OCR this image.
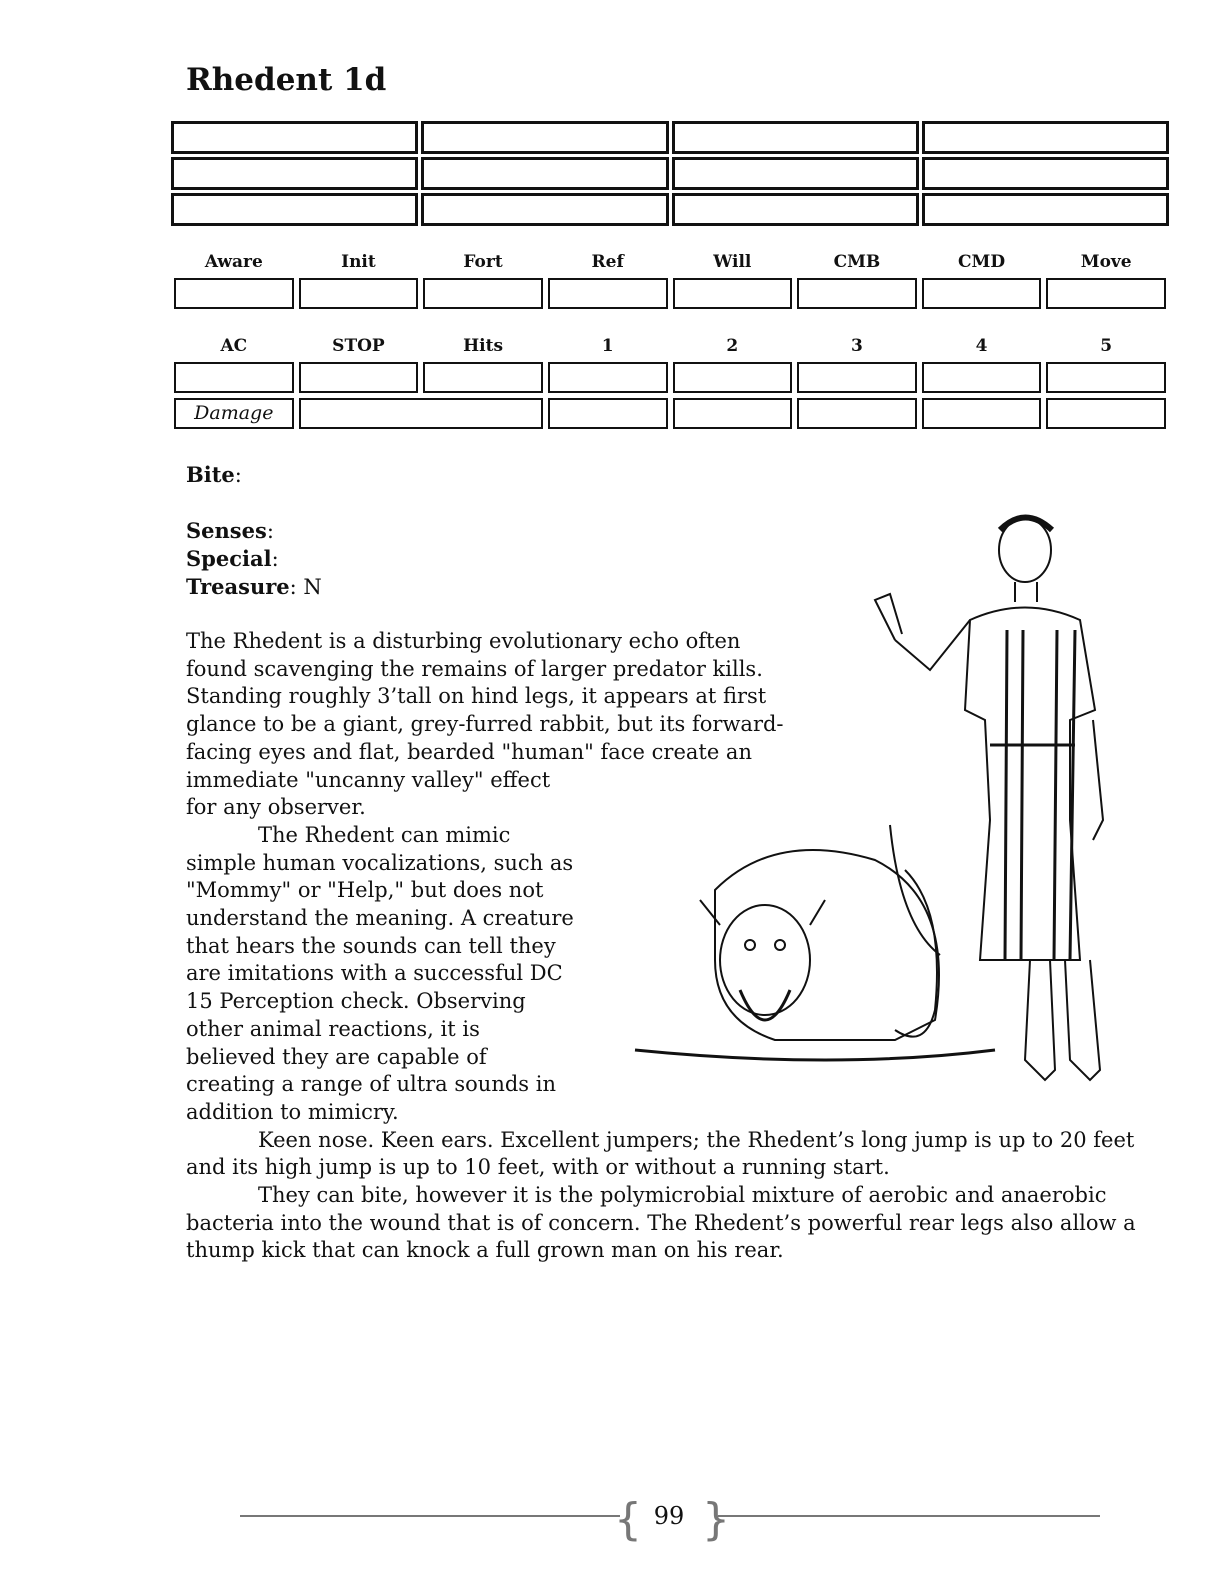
Rhedent 1d
Aware	Init	Fort	Ref	Will	CMB	CMD	Move
AC	STOP	Hits	1	2	3	4	5
Damage
Bite:
Senses:
Special:
Treasure: N

The Rhedent is a disturbing evolutionary echo often found scavenging the remains of larger predator kills. Standing roughly 3’tall on hind legs, it appears at first glance to be a giant, grey-furred rabbit, but its forward-facing eyes and flat, bearded "human" face create an immediate "uncanny valley" effect for any observer.

The Rhedent can mimic simple human vocalizations, such as "Mommy" or "Help," but does not understand the meaning. A creature that hears the sounds can tell they are imitations with a successful DC 15 Perception check. Observing other animal reactions, it is believed they are capable of creating a range of ultra sounds in addition to mimicry.

Keen nose. Keen ears. Excellent jumpers; the Rhedent’s long jump is up to 20 feet and its high jump is up to 10 feet, with or without a running start.

They can bite, however it is the polymicrobial mixture of aerobic and anaerobic bacteria into the wound that is of concern. The Rhedent’s powerful rear legs also allow a thump kick that can knock a full grown man on his rear.

{ }
99
